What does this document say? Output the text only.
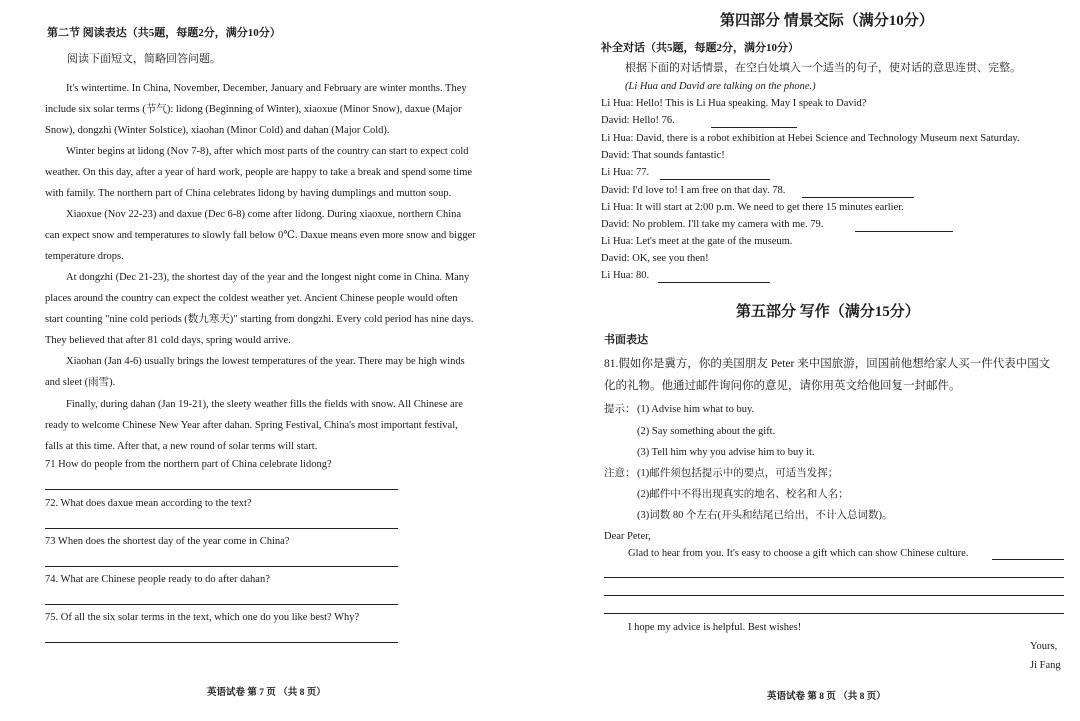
第二节 阅读表达（共5题，每题2分，满分10分）
阅读下面短文，简略回答问题。
It's wintertime. In China, November, December, January and February are winter months. They
include six solar terms (节气): lidong (Beginning of Winter), xiaoxue (Minor Snow), daxue (Major
Snow), dongzhi (Winter Solstice), xiaohan (Minor Cold) and dahan (Major Cold).
Winter begins at lidong (Nov 7-8), after which most parts of the country can start to expect cold
weather. On this day, after a year of hard work, people are happy to take a break and spend some time
with family. The northern part of China celebrates lidong by having dumplings and mutton soup.
Xiaoxue (Nov 22-23) and daxue (Dec 6-8) come after lidong. During xiaoxue, northern China
can expect snow and temperatures to slowly fall below 0℃. Daxue means even more snow and bigger
temperature drops.
At dongzhi (Dec 21-23), the shortest day of the year and the longest night come in China. Many
places around the country can expect the coldest weather yet. Ancient Chinese people would often
start counting "nine cold periods (数九寒天)" starting from dongzhi. Every cold period has nine days.
They believed that after 81 cold days, spring would arrive.
Xiaohan (Jan 4-6) usually brings the lowest temperatures of the year. There may be high winds
and sleet (雨雪).
Finally, during dahan (Jan 19-21), the sleety weather fills the fields with snow. All Chinese are
ready to welcome Chinese New Year after dahan. Spring Festival, China's most important festival,
falls at this time. After that, a new round of solar terms will start.
71 How do people from the northern part of China celebrate lidong?
72. What does daxue mean according to the text?
73 When does the shortest day of the year come in China?
74. What are Chinese people ready to do after dahan?
75. Of all the six solar terms in the text, which one do you like best? Why?
英语试卷 第 7 页 （共 8 页）
第四部分 情景交际（满分10分）
补全对话（共5题，每题2分，满分10分）
根据下面的对话情景，在空白处填入一个适当的句子，使对话的意思连贯、完整。
(Li Hua and David are talking on the phone.)
Li Hua: Hello! This is Li Hua speaking. May I speak to David?
David: Hello! 76.
Li Hua: David, there is a robot exhibition at Hebei Science and Technology Museum next Saturday.
David: That sounds fantastic!
Li Hua: 77.
David: I'd love to! I am free on that day. 78.
Li Hua: It will start at 2:00 p.m. We need to get there 15 minutes earlier.
David: No problem. I'll take my camera with me. 79.
Li Hua: Let's meet at the gate of the museum.
David: OK, see you then!
Li Hua: 80.
第五部分 写作（满分15分）
书面表达
81.假如你是冀方，你的美国朋友 Peter 来中国旅游，回国前他想给家人买一件代表中国文
化的礼物。他通过邮件询问你的意见，请你用英文给他回复一封邮件。
提示： (1) Advise him what to buy.
(2) Say something about the gift.
(3) Tell him why you advise him to buy it.
注意： (1)邮件须包括提示中的要点，可适当发挥；
(2)邮件中不得出现真实的地名、校名和人名；
(3)词数 80 个左右(开头和结尾已给出，不计入总词数)。
Dear Peter,
Glad to hear from you. It's easy to choose a gift which can show Chinese culture.
I hope my advice is helpful. Best wishes!
Yours,
Ji Fang
英语试卷 第 8 页 （共 8 页）
